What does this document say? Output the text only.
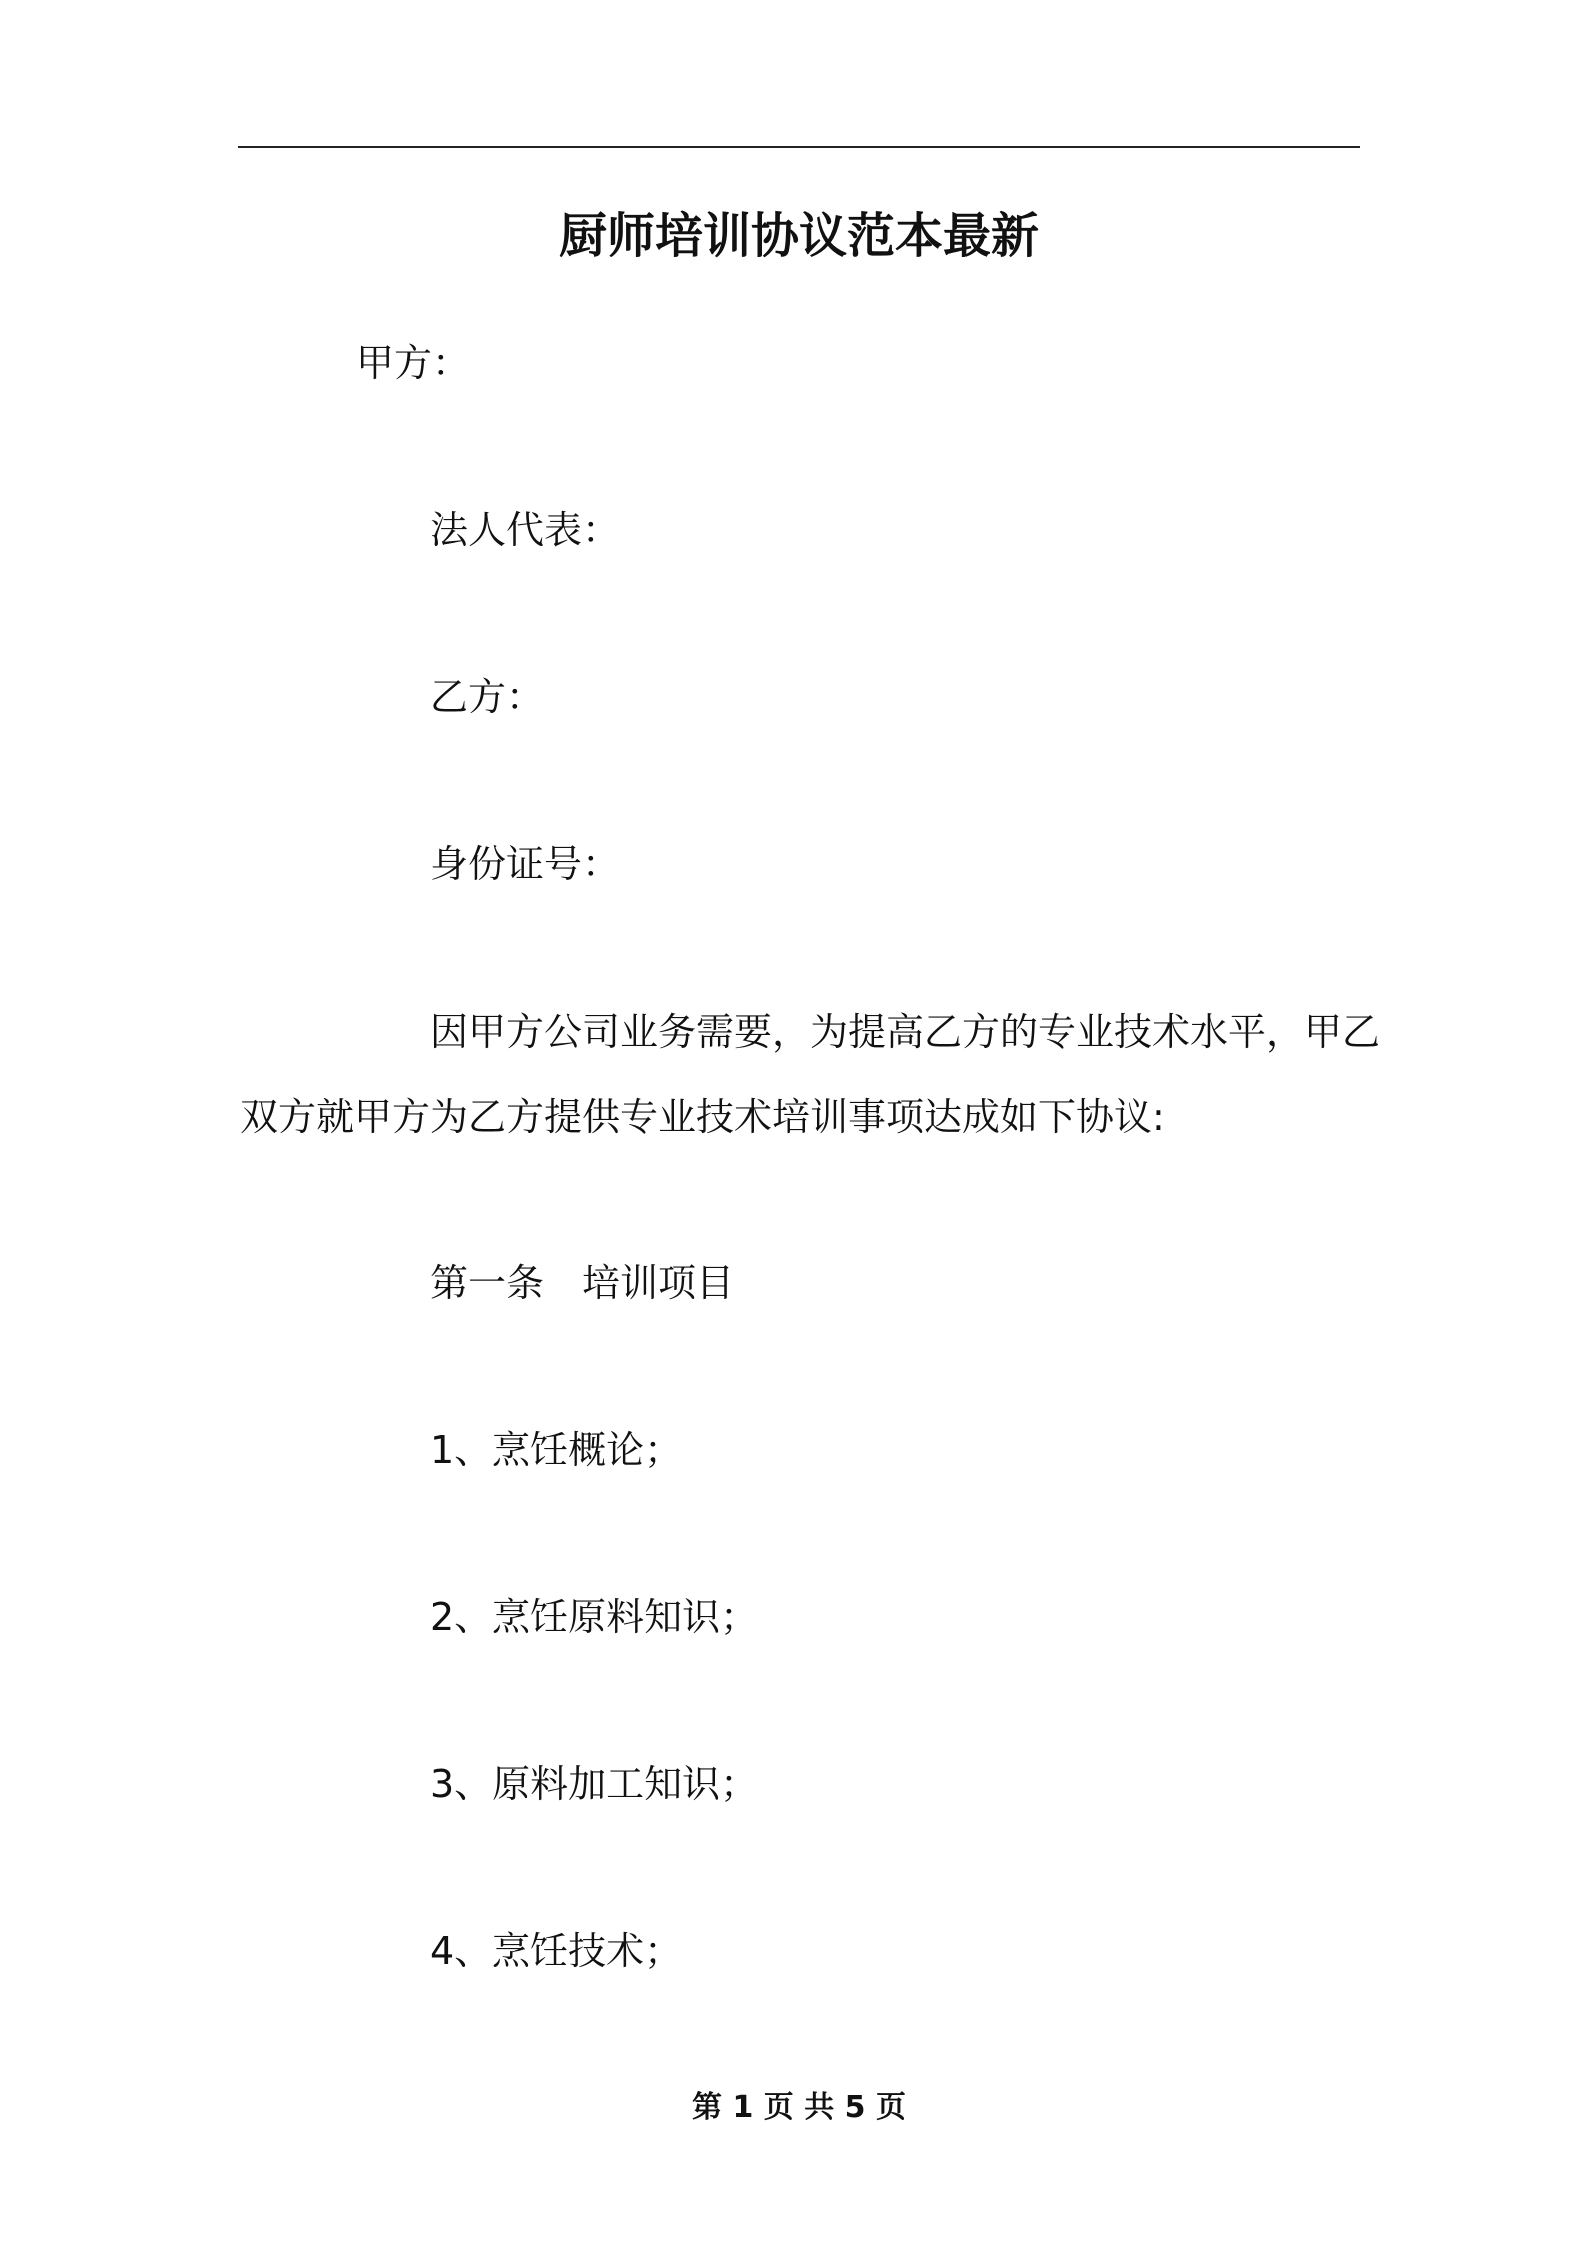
厨师培训协议范本最新
甲方：
法人代表：
乙方：
身份证号：
因甲方公司业务需要，为提高乙方的专业技术水平，甲乙
双方就甲方为乙方提供专业技术培训事项达成如下协议:
第一条　培训项目
1、烹饪概论；
2、烹饪原料知识；
3、原料加工知识；
4、烹饪技术；
第 1 页 共 5 页
